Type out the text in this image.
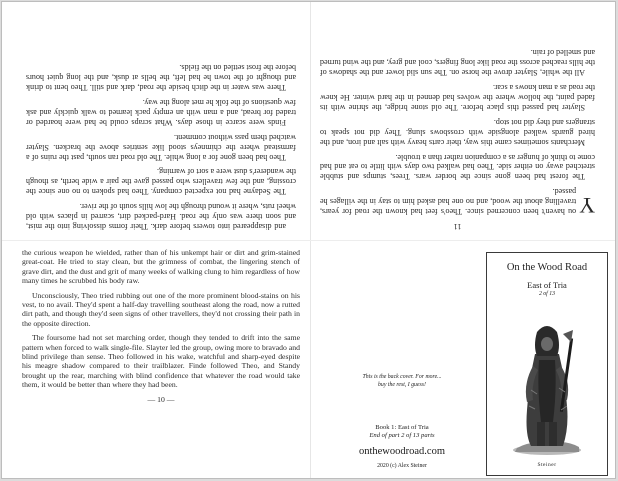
and disappeared into towers before dark. Their forms dissolving into the mist, and soon there was only the road. Hard-packed dirt, scarred in places with old wheel ruts, where it wound through the low hills south of the river.

The Sedayne had not expected company. Theo had spoken to no one since the crossing, and the few travellers who passed gave the pair a wide berth, as though the wanderer's dust were a sort of warning.

Theo had been gone for a long while. The old road ran south, past the ruins of a farmstead where the chimneys stood like sentries above the bracken. Slayter watched them pass without comment.

Finds were scarce in those days. What scraps could be had were hoarded or traded for bread, and a man with an empty pack learned to walk quickly and ask few questions of the folk he met along the way.

There was water in the ditch beside the road, dark and still. Theo bent to drink and thought of the town he had left, the bells at dusk, and the long quiet hours before the frost settled on the fields.

11

Y
ou haven't been concerned since. Theo's feet had known the road for years, travelling about the wood, and no one had asked him to stay in the villages he passed.

The forest had been gone since the border wars. Trees, stumps and stubble stretched away on either side. Theo had walked two days with little to eat and had come to think of hunger as a companion rather than a trouble.

Merchants sometimes came this way, their carts heavy with salt and iron, and the hired guards walked alongside with crossbows slung. They did not speak to strangers and they did not stop.

Slayter had passed this place before. The old stone bridge, the shrine with its faded paint, the hollow where the wolves had denned in the hard winter. He knew the road as a man knows a scar.

All the while, Slayter drove the horse on. The sun slid lower and the shadows of the hills reached across the road like long fingers, cool and grey, and the wind turned and smelled of rain.

the curious weapon he wielded, rather than of his unkempt hair or dirt and grim-stained great-coat. He tried to stay clean, but the grimness of combat, the lingering stench of grave dirt, and the dust and grit of many weeks of walking clung to him regardless of how many times he scrubbed his body raw.

Unconsciously, Theo tried rubbing out one of the more prominent blood-stains on his vest, to no avail. They'd spent a half-day travelling southeast along the road, now a rutted dirt path, and though they'd seen signs of other travellers, they'd not crossing their path in the opposite direction.

The foursome had not set marching order, though they tended to drift into the same pattern when forced to walk single-file. Slayter led the group, owing more to bravado and blind privilege than sense. Theo followed in his wake, watchful and sharp-eyed despite his meagre shadow compared to their trailblazer. Finde followed Theo, and Standy brought up the rear, marching with blind confidence that whatever the road would take them, it would be better than where they had been.

— 10 —
This is the back cover. For more...
buy the rest, I guess!
Book 1: East of Tria
End of part 2 of 13 parts
onthewoodroad.com
2020 (c) Alex Steiner
On the Wood Road
East of Tria
2 of 13
Steiner
